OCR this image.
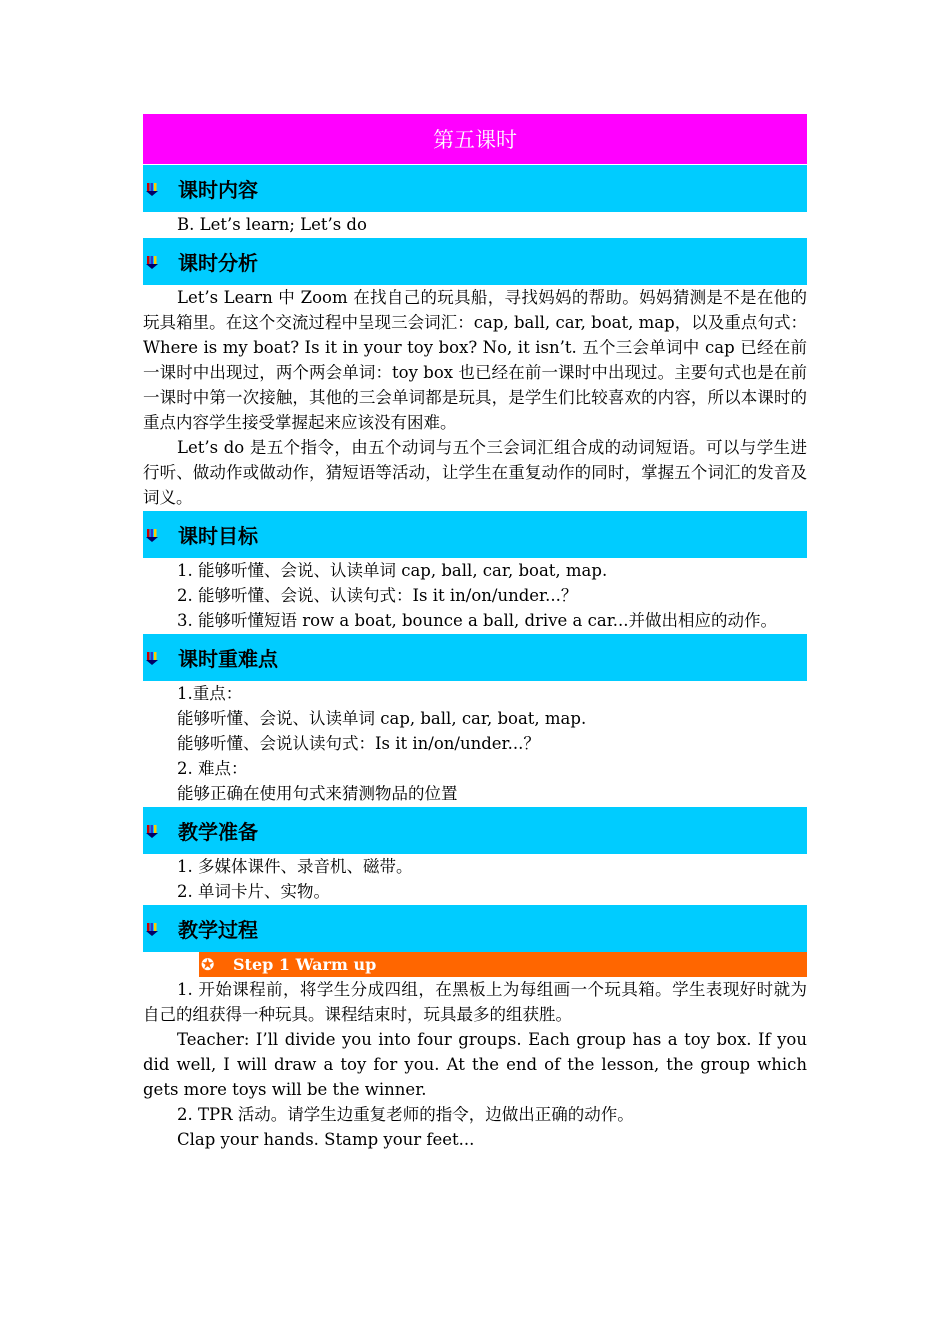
第五课时
课时内容

B. Let’s learn; Let’s do

课时分析

Let’s Learn 中 Zoom 在找自己的玩具船，寻找妈妈的帮助。妈妈猜测是不是在他的玩具箱里。在这个交流过程中呈现三会词汇：cap, ball, car, boat, map，以及重点句式：Where is my boat? Is it in your toy box? No, it isn’t. 五个三会单词中 cap 已经在前一课时中出现过，两个两会单词：toy box 也已经在前一课时中出现过。主要句式也是在前一课时中第一次接触，其他的三会单词都是玩具，是学生们比较喜欢的内容，所以本课时的重点内容学生接受掌握起来应该没有困难。

Let’s do 是五个指令，由五个动词与五个三会词汇组合成的动词短语。可以与学生进行听、做动作或做动作，猜短语等活动，让学生在重复动作的同时，掌握五个词汇的发音及词义。

课时目标

1. 能够听懂、会说、认读单词 cap, ball, car, boat, map.

2. 能够听懂、会说、认读句式：Is it in/on/under...？

3. 能够听懂短语 row a boat, bounce a ball, drive a car...并做出相应的动作。

课时重难点

1.重点：

能够听懂、会说、认读单词 cap, ball, car, boat, map.

能够听懂、会说认读句式：Is it in/on/under...？

2. 难点：

能够正确在使用句式来猜测物品的位置

教学准备

1. 多媒体课件、录音机、磁带。

2. 单词卡片、实物。

教学过程
✪ Step 1 Warm up

1. 开始课程前，将学生分成四组，在黑板上为每组画一个玩具箱。学生表现好时就为自己的组获得一种玩具。课程结束时，玩具最多的组获胜。

Teacher: I’ll divide you into four groups. Each group has a toy box. If you did well, I will draw a toy for you. At the end of the lesson, the group which gets more toys will be the winner.

2. TPR 活动。请学生边重复老师的指令，边做出正确的动作。

Clap your hands. Stamp your feet...
